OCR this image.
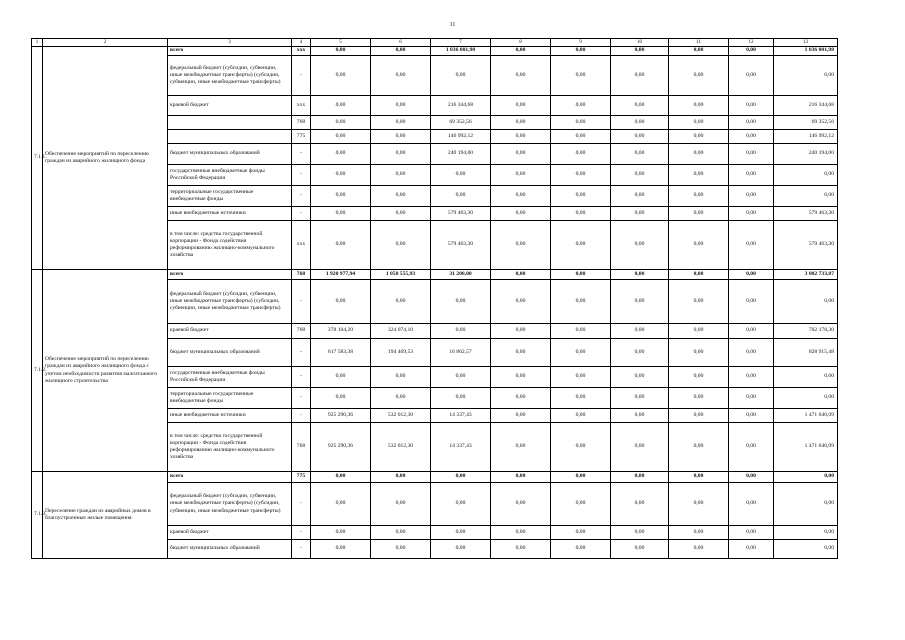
11
1	2	3	4	5	6	7	8	9	10	11	12	13
7.1.1.	Обеспечение мероприятий по переселению граждан из аварийного жилищного фонда	всего	xxx	0,00	0,00	1 036 001,98	0,00	0,00	0,00	0,00	0,00	1 036 001,98
		федеральный бюджет (субсидии, субвенции, иные межбюджетные трансферты) (субсидии, субвенции, иные межбюджетные трансферты)	-	0,00	0,00	0,00	0,00	0,00	0,00	0,00	0,00	0,00
		краевой бюджет	xxx	0,00	0,00	216 344,68	0,00	0,00	0,00	0,00	0,00	216 344,68
			768	0,00	0,00	69 352,56	0,00	0,00	0,00	0,00	0,00	69 352,56
			775	0,00	0,00	146 992,12	0,00	0,00	0,00	0,00	0,00	146 992,12
		бюджет муниципальных образований	-	0,00	0,00	240 194,00	0,00	0,00	0,00	0,00	0,00	240 194,00
		государственные внебюджетные фонды Российской Федерации	-	0,00	0,00	0,00	0,00	0,00	0,00	0,00	0,00	0,00
		территориальные государственные внебюджетные фонды	-	0,00	0,00	0,00	0,00	0,00	0,00	0,00	0,00	0,00
		иные внебюджетные источники	-	0,00	0,00	579 463,30	0,00	0,00	0,00	0,00	0,00	579 463,30
		в том числе: средства государственной корпорации - Фонда содействия реформированию жилищно-коммунального хозяйства	xxx	0,00	0,00	579 463,30	0,00	0,00	0,00	0,00	0,00	579 463,30
7.1.2.	Обеспечение мероприятий по переселению граждан из аварийного жилищного фонда с учетом необходимости развития малоэтажного жилищного строительства	всего	768	1 920 977,94	1 050 555,93	31 200,00	0,00	0,00	0,00	0,00	0,00	3 002 733,87
		федеральный бюджет (субсидии, субвенции, иные межбюджетные трансферты) (субсидии, субвенции, иные межбюджетные трансферты)	-	0,00	0,00	0,00	0,00	0,00	0,00	0,00	0,00	0,00
		краевой бюджет	768	378 104,20	324 074,10	0,00	0,00	0,00	0,00	0,00	0,00	702 178,30
		бюджет муниципальных образований	-	617 583,38	194 469,53	16 862,57	0,00	0,00	0,00	0,00	0,00	828 915,48
		государственные внебюджетные фонды Российской Федерации	-	0,00	0,00	0,00	0,00	0,00	0,00	0,00	0,00	0,00
		территориальные государственные внебюджетные фонды	-	0,00	0,00	0,00	0,00	0,00	0,00	0,00	0,00	0,00
		иные внебюджетные источники	-	925 290,36	532 012,30	14 337,43	0,00	0,00	0,00	0,00	0,00	1 471 640,09
		в том числе: средства государственной корпорации - Фонда содействия реформированию жилищно-коммунального хозяйства	768	925 290,36	532 012,30	14 337,43	0,00	0,00	0,00	0,00	0,00	1 471 640,09
7.1.3.	Переселение граждан из аварийных домов в благоустроенные жилые помещения	всего	775	0,00	0,00	0,00	0,00	0,00	0,00	0,00	0,00	0,00
		федеральный бюджет (субсидии, субвенции, иные межбюджетные трансферты) (субсидии, субвенции, иные межбюджетные трансферты)	-	0,00	0,00	0,00	0,00	0,00	0,00	0,00	0,00	0,00
		краевой бюджет	-	0,00	0,00	0,00	0,00	0,00	0,00	0,00	0,00	0,00
		бюджет муниципальных образований	-	0,00	0,00	0,00	0,00	0,00	0,00	0,00	0,00	0,00
